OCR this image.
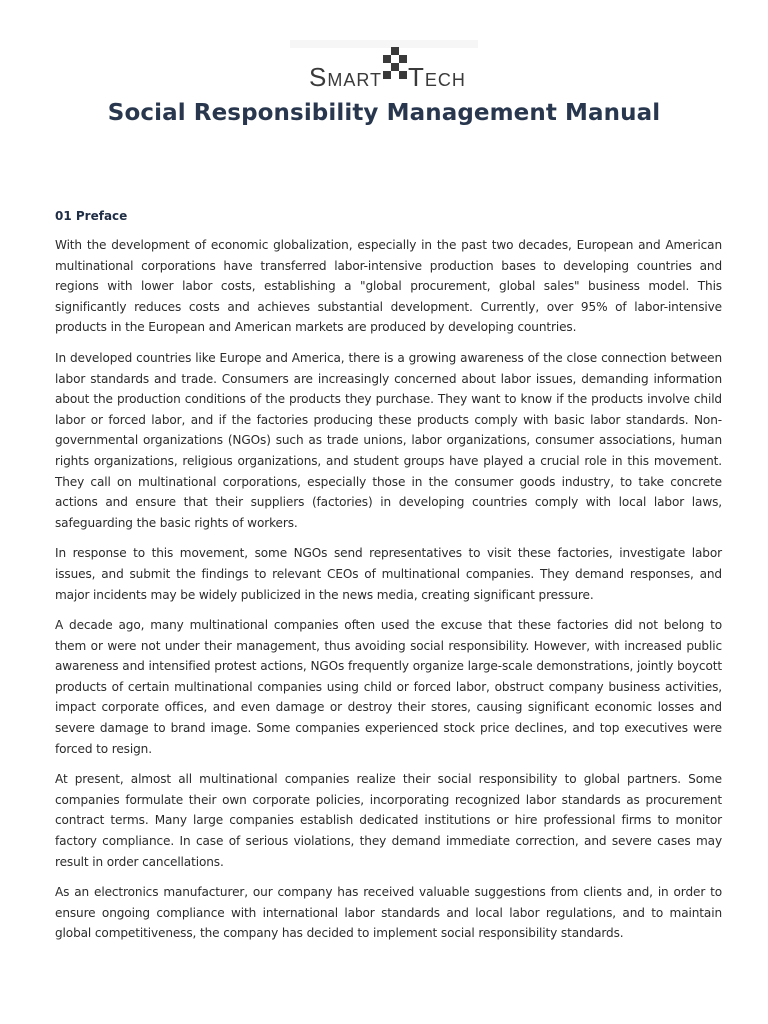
Smart Tech
Social Responsibility Management Manual
01 Preface

With the development of economic globalization, especially in the past two decades, European and American multinational corporations have transferred labor-intensive production bases to developing countries and regions with lower labor costs, establishing a "global procurement, global sales" business model. This significantly reduces costs and achieves substantial development. Currently, over 95% of labor-intensive products in the European and American markets are produced by developing countries.

In developed countries like Europe and America, there is a growing awareness of the close connection between labor standards and trade. Consumers are increasingly concerned about labor issues, demanding information about the production conditions of the products they purchase. They want to know if the products involve child labor or forced labor, and if the factories producing these products comply with basic labor standards. Non-governmental organizations (NGOs) such as trade unions, labor organizations, consumer associations, human rights organizations, religious organizations, and student groups have played a crucial role in this movement. They call on multinational corporations, especially those in the consumer goods industry, to take concrete actions and ensure that their suppliers (factories) in developing countries comply with local labor laws, safeguarding the basic rights of workers.

In response to this movement, some NGOs send representatives to visit these factories, investigate labor issues, and submit the findings to relevant CEOs of multinational companies. They demand responses, and major incidents may be widely publicized in the news media, creating significant pressure.

A decade ago, many multinational companies often used the excuse that these factories did not belong to them or were not under their management, thus avoiding social responsibility. However, with increased public awareness and intensified protest actions, NGOs frequently organize large-scale demonstrations, jointly boycott products of certain multinational companies using child or forced labor, obstruct company business activities, impact corporate offices, and even damage or destroy their stores, causing significant economic losses and severe damage to brand image. Some companies experienced stock price declines, and top executives were forced to resign.

At present, almost all multinational companies realize their social responsibility to global partners. Some companies formulate their own corporate policies, incorporating recognized labor standards as procurement contract terms. Many large companies establish dedicated institutions or hire professional firms to monitor factory compliance. In case of serious violations, they demand immediate correction, and severe cases may result in order cancellations.

As an electronics manufacturer, our company has received valuable suggestions from clients and, in order to ensure ongoing compliance with international labor standards and local labor regulations, and to maintain global competitiveness, the company has decided to implement social responsibility standards.
